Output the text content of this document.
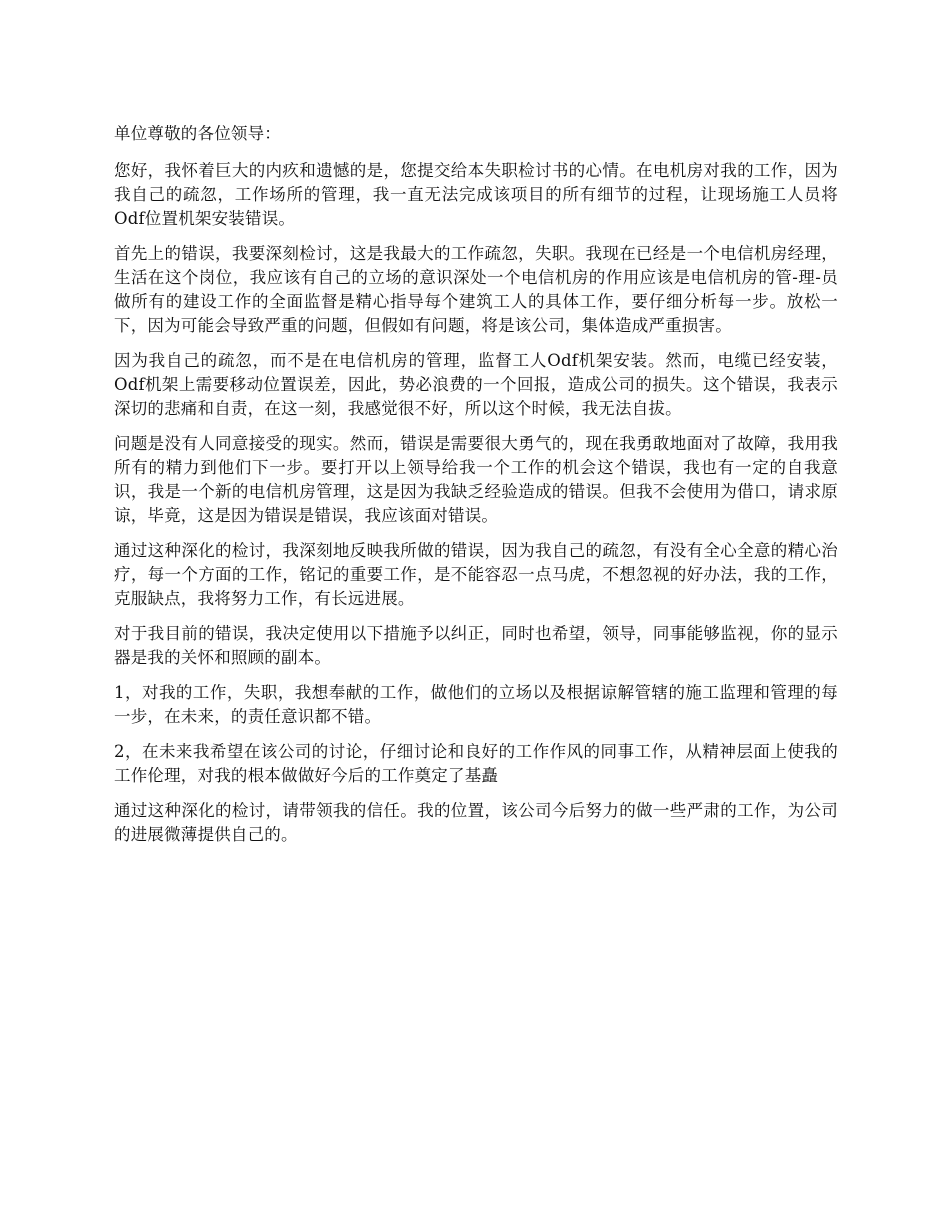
单位尊敬的各位领导：

您好，我怀着巨大的内疚和遗憾的是，您提交给本失职检讨书的心情。在电机房对我的工作，因为我自己的疏忽，工作场所的管理，我一直无法完成该项目的所有细节的过程，让现场施工人员将Odf位置机架安装错误。

首先上的错误，我要深刻检讨，这是我最大的工作疏忽，失职。我现在已经是一个电信机房经理，生活在这个岗位，我应该有自己的立场的意识深处一个电信机房的作用应该是电信机房的管-理-员做所有的建设工作的全面监督是精心指导每个建筑工人的具体工作，要仔细分析每一步。放松一下，因为可能会导致严重的问题，但假如有问题，将是该公司，集体造成严重损害。

因为我自己的疏忽，而不是在电信机房的管理，监督工人Odf机架安装。然而，电缆已经安装，Odf机架上需要移动位置误差，因此，势必浪费的一个回报，造成公司的损失。这个错误，我表示深切的悲痛和自责，在这一刻，我感觉很不好，所以这个时候，我无法自拔。

问题是没有人同意接受的现实。然而，错误是需要很大勇气的，现在我勇敢地面对了故障，我用我所有的精力到他们下一步。要打开以上领导给我一个工作的机会这个错误，我也有一定的自我意识，我是一个新的电信机房管理，这是因为我缺乏经验造成的错误。但我不会使用为借口，请求原谅，毕竟，这是因为错误是错误，我应该面对错误。

通过这种深化的检讨，我深刻地反映我所做的错误，因为我自己的疏忽，有没有全心全意的精心治疗，每一个方面的工作，铭记的重要工作，是不能容忍一点马虎，不想忽视的好办法，我的工作，克服缺点，我将努力工作，有长远进展。

对于我目前的错误，我决定使用以下措施予以纠正，同时也希望，领导，同事能够监视，你的显示器是我的关怀和照顾的副本。

1，对我的工作，失职，我想奉献的工作，做他们的立场以及根据谅解管辖的施工监理和管理的每一步，在未来，的责任意识都不错。

2，在未来我希望在该公司的讨论，仔细讨论和良好的工作作风的同事工作，从精神层面上使我的工作伦理，对我的根本做做好今后的工作奠定了基矗

通过这种深化的检讨，请带领我的信任。我的位置，该公司今后努力的做一些严肃的工作，为公司的进展微薄提供自己的。
